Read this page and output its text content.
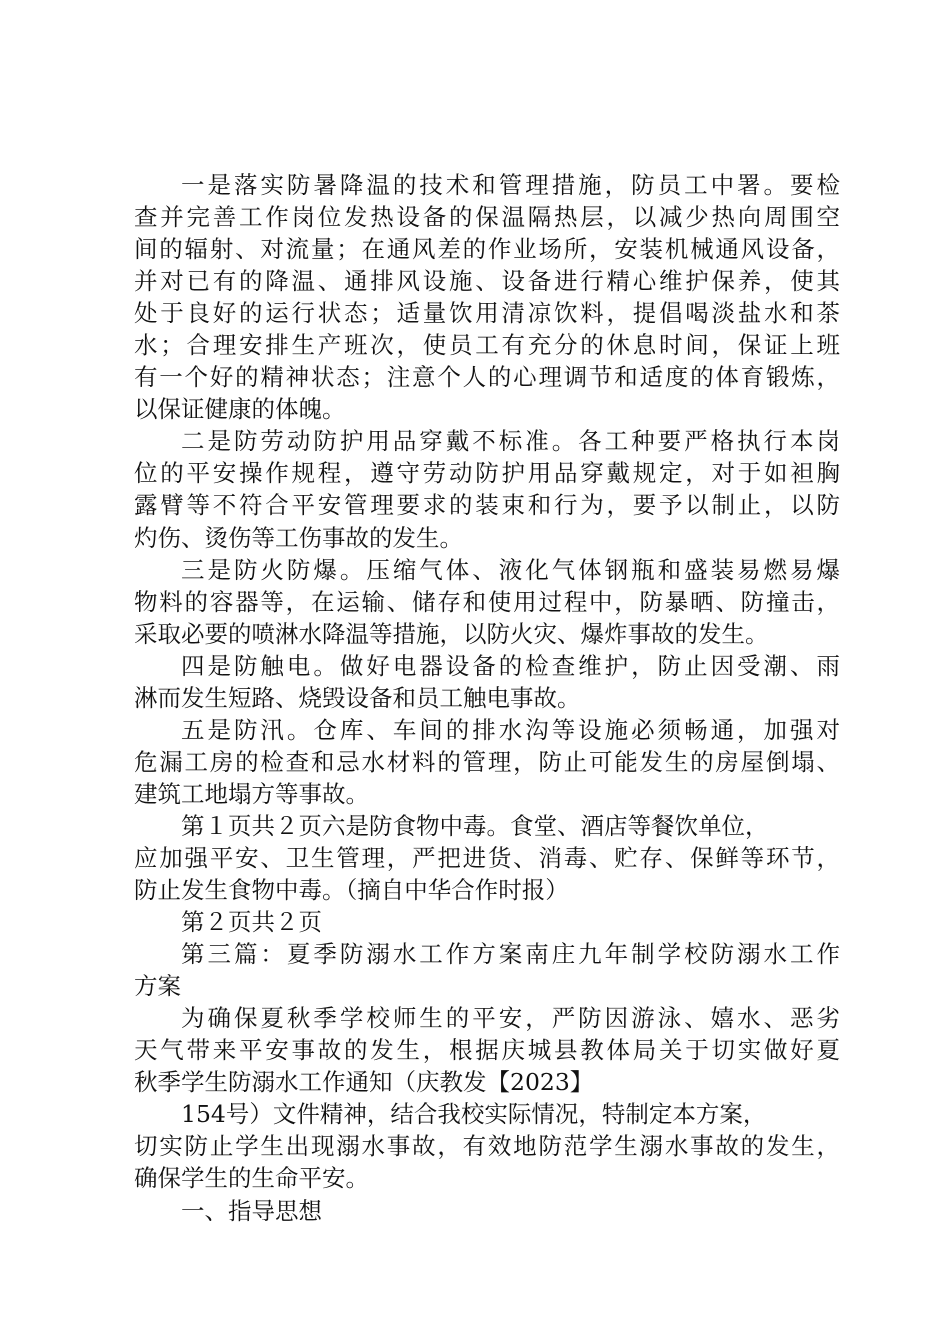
一是落实防暑降温的技术和管理措施，防员工中署。要检
查并完善工作岗位发热设备的保温隔热层，以减少热向周围空
间的辐射、对流量；在通风差的作业场所，安装机械通风设备，
并对已有的降温、通排风设施、设备进行精心维护保养，使其
处于良好的运行状态；适量饮用清凉饮料，提倡喝淡盐水和茶
水；合理安排生产班次，使员工有充分的休息时间，保证上班
有一个好的精神状态；注意个人的心理调节和适度的体育锻炼，
以保证健康的体魄。
二是防劳动防护用品穿戴不标准。各工种要严格执行本岗
位的平安操作规程，遵守劳动防护用品穿戴规定，对于如袒胸
露臂等不符合平安管理要求的装束和行为，要予以制止，以防
灼伤、烫伤等工伤事故的发生。
三是防火防爆。压缩气体、液化气体钢瓶和盛装易燃易爆
物料的容器等，在运输、储存和使用过程中，防暴晒、防撞击，
采取必要的喷淋水降温等措施，以防火灾、爆炸事故的发生。
四是防触电。做好电器设备的检查维护，防止因受潮、雨
淋而发生短路、烧毁设备和员工触电事故。
五是防汛。仓库、车间的排水沟等设施必须畅通，加强对
危漏工房的检查和忌水材料的管理，防止可能发生的房屋倒塌、
建筑工地塌方等事故。
第１页共２页六是防食物中毒。食堂、酒店等餐饮单位，
应加强平安、卫生管理，严把进货、消毒、贮存、保鲜等环节，
防止发生食物中毒。（摘自中华合作时报）
第２页共２页
第三篇：夏季防溺水工作方案南庄九年制学校防溺水工作
方案
为确保夏秋季学校师生的平安，严防因游泳、嬉水、恶劣
天气带来平安事故的发生，根据庆城县教体局关于切实做好夏
秋季学生防溺水工作通知（庆教发【2023】
154号）文件精神，结合我校实际情况，特制定本方案，
切实防止学生出现溺水事故，有效地防范学生溺水事故的发生，
确保学生的生命平安。
一、指导思想
